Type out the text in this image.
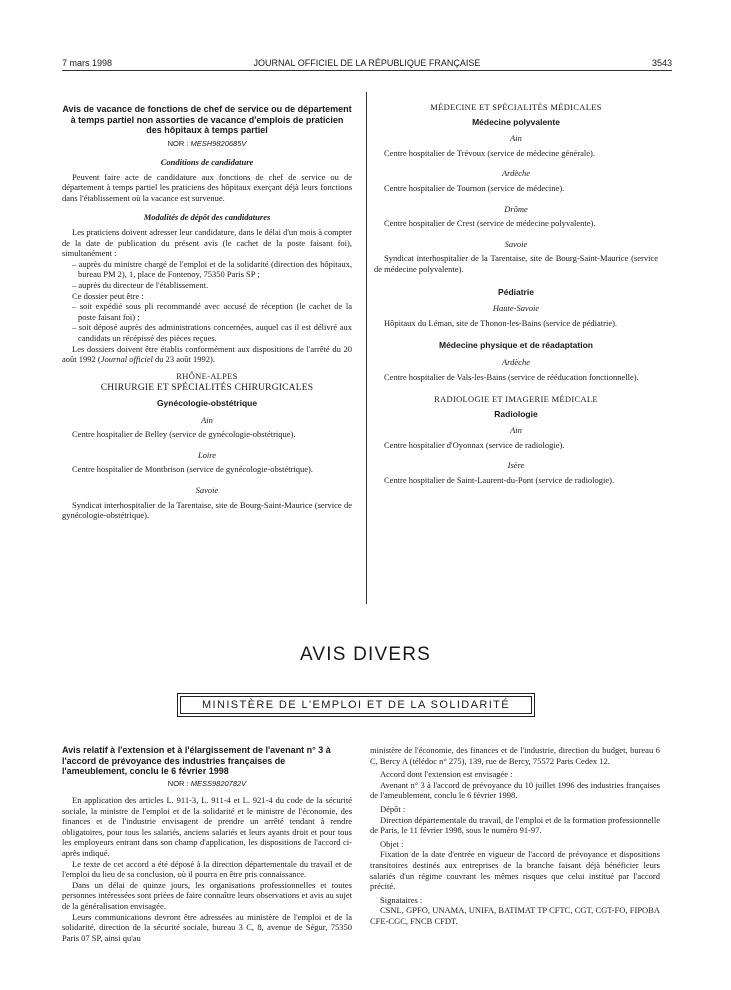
7 mars 1998	JOURNAL OFFICIEL DE LA RÉPUBLIQUE FRANÇAISE	3543
Avis de vacance de fonctions de chef de service ou de département à temps partiel non assorties de vacance d'emplois de praticien des hôpitaux à temps partiel
NOR : MESH9820685V
Conditions de candidature

Peuvent faire acte de candidature aux fonctions de chef de service ou de département à temps partiel les praticiens des hôpitaux exerçant déjà leurs fonctions dans l'établissement où la vacance est survenue.

Modalités de dépôt des candidatures

Les praticiens doivent adresser leur candidature, dans le délai d'un mois à compter de la date de publication du présent avis (le cachet de la poste faisant foi), simultanément :

– auprès du ministre chargé de l'emploi et de la solidarité (direction des hôpitaux, bureau PM 2), 1, place de Fontenoy, 75350 Paris SP ;

– auprès du directeur de l'établissement.

Ce dossier peut être :

– soit expédié sous pli recommandé avec accusé de réception (le cachet de la poste faisant foi) ;

– soit déposé auprès des administrations concernées, auquel cas il est délivré aux candidats un récépissé des pièces reçues.

Les dossiers doivent être établis conformément aux dispositions de l'arrêté du 20 août 1992 (Journal officiel du 23 août 1992).

RHÔNE-ALPES
CHIRURGIE ET SPÉCIALITÉS CHIRURGICALES
Gynécologie-obstétrique
Ain

Centre hospitalier de Belley (service de gynécologie-obstétrique).

Loire

Centre hospitalier de Montbrison (service de gynécologie-obstétrique).

Savoie

Syndicat interhospitalier de la Tarentaise, site de Bourg-Saint-Maurice (service de gynécologie-obstétrique).

MÉDECINE ET SPÉCIALITÉS MÉDICALES
Médecine polyvalente
Ain

Centre hospitalier de Trévoux (service de médecine générale).

Ardèche

Centre hospitalier de Tournon (service de médecine).

Drôme

Centre hospitalier de Crest (service de médecine polyvalente).

Savoie

Syndicat interhospitalier de la Tarentaise, site de Bourg-Saint-Maurice (service de médecine polyvalente).

Pédiatrie
Haute-Savoie

Hôpitaux du Léman, site de Thonon-les-Bains (service de pédiatrie).

Médecine physique et de réadaptation
Ardèche

Centre hospitalier de Vals-les-Bains (service de rééducation fonctionnelle).

RADIOLOGIE ET IMAGERIE MÉDICALE
Radiologie
Ain

Centre hospitalier d'Oyonnax (service de radiologie).

Isère

Centre hospitalier de Saint-Laurent-du-Pont (service de radiologie).

AVIS DIVERS
MINISTÈRE DE L'EMPLOI ET DE LA SOLIDARITÉ
Avis relatif à l'extension et à l'élargissement de l'avenant n° 3 à l'accord de prévoyance des industries françaises de l'ameublement, conclu le 6 février 1998
NOR : MESS9820782V

En application des articles L. 911-3, L. 911-4 et L. 921-4 du code de la sécurité sociale, la ministre de l'emploi et de la solidarité et le ministre de l'économie, des finances et de l'industrie envisagent de prendre un arrêté tendant à rendre obligatoires, pour tous les salariés, anciens salariés et leurs ayants droit et pour tous les employeurs entrant dans son champ d'application, les dispositions de l'accord ci-après indiqué.

Le texte de cet accord a été déposé à la direction départementale du travail et de l'emploi du lieu de sa conclusion, où il pourra en être pris connaissance.

Dans un délai de quinze jours, les organisations professionnelles et toutes personnes intéressées sont priées de faire connaître leurs observations et avis au sujet de la généralisation envisagée.

Leurs communications devront être adressées au ministère de l'emploi et de la solidarité, direction de la sécurité sociale, bureau 3 C, 8, avenue de Ségur, 75350 Paris 07 SP, ainsi qu'au

ministère de l'économie, des finances et de l'industrie, direction du budget, bureau 6 C, Bercy A (télédoc n° 275), 139, rue de Bercy, 75572 Paris Cedex 12.

Accord dont l'extension est envisagée :

Avenant n° 3 à l'accord de prévoyance du 10 juillet 1996 des industries françaises de l'ameublement, conclu le 6 février 1998.

Dépôt :

Direction départementale du travail, de l'emploi et de la formation professionnelle de Paris, le 11 février 1998, sous le numéro 91-97.

Objet :

Fixation de la date d'entrée en vigueur de l'accord de prévoyance et dispositions transitoires destinés aux entreprises de la branche faisant déjà bénéficier leurs salariés d'un régime couvrant les mêmes risques que celui institué par l'accord précité.

Signataires :

CSNL, GPFO, UNAMA, UNIFA, BATIMAT TP CFTC, CGT, CGT-FO, FIPOBA CFE-CGC, FNCB CFDT.
